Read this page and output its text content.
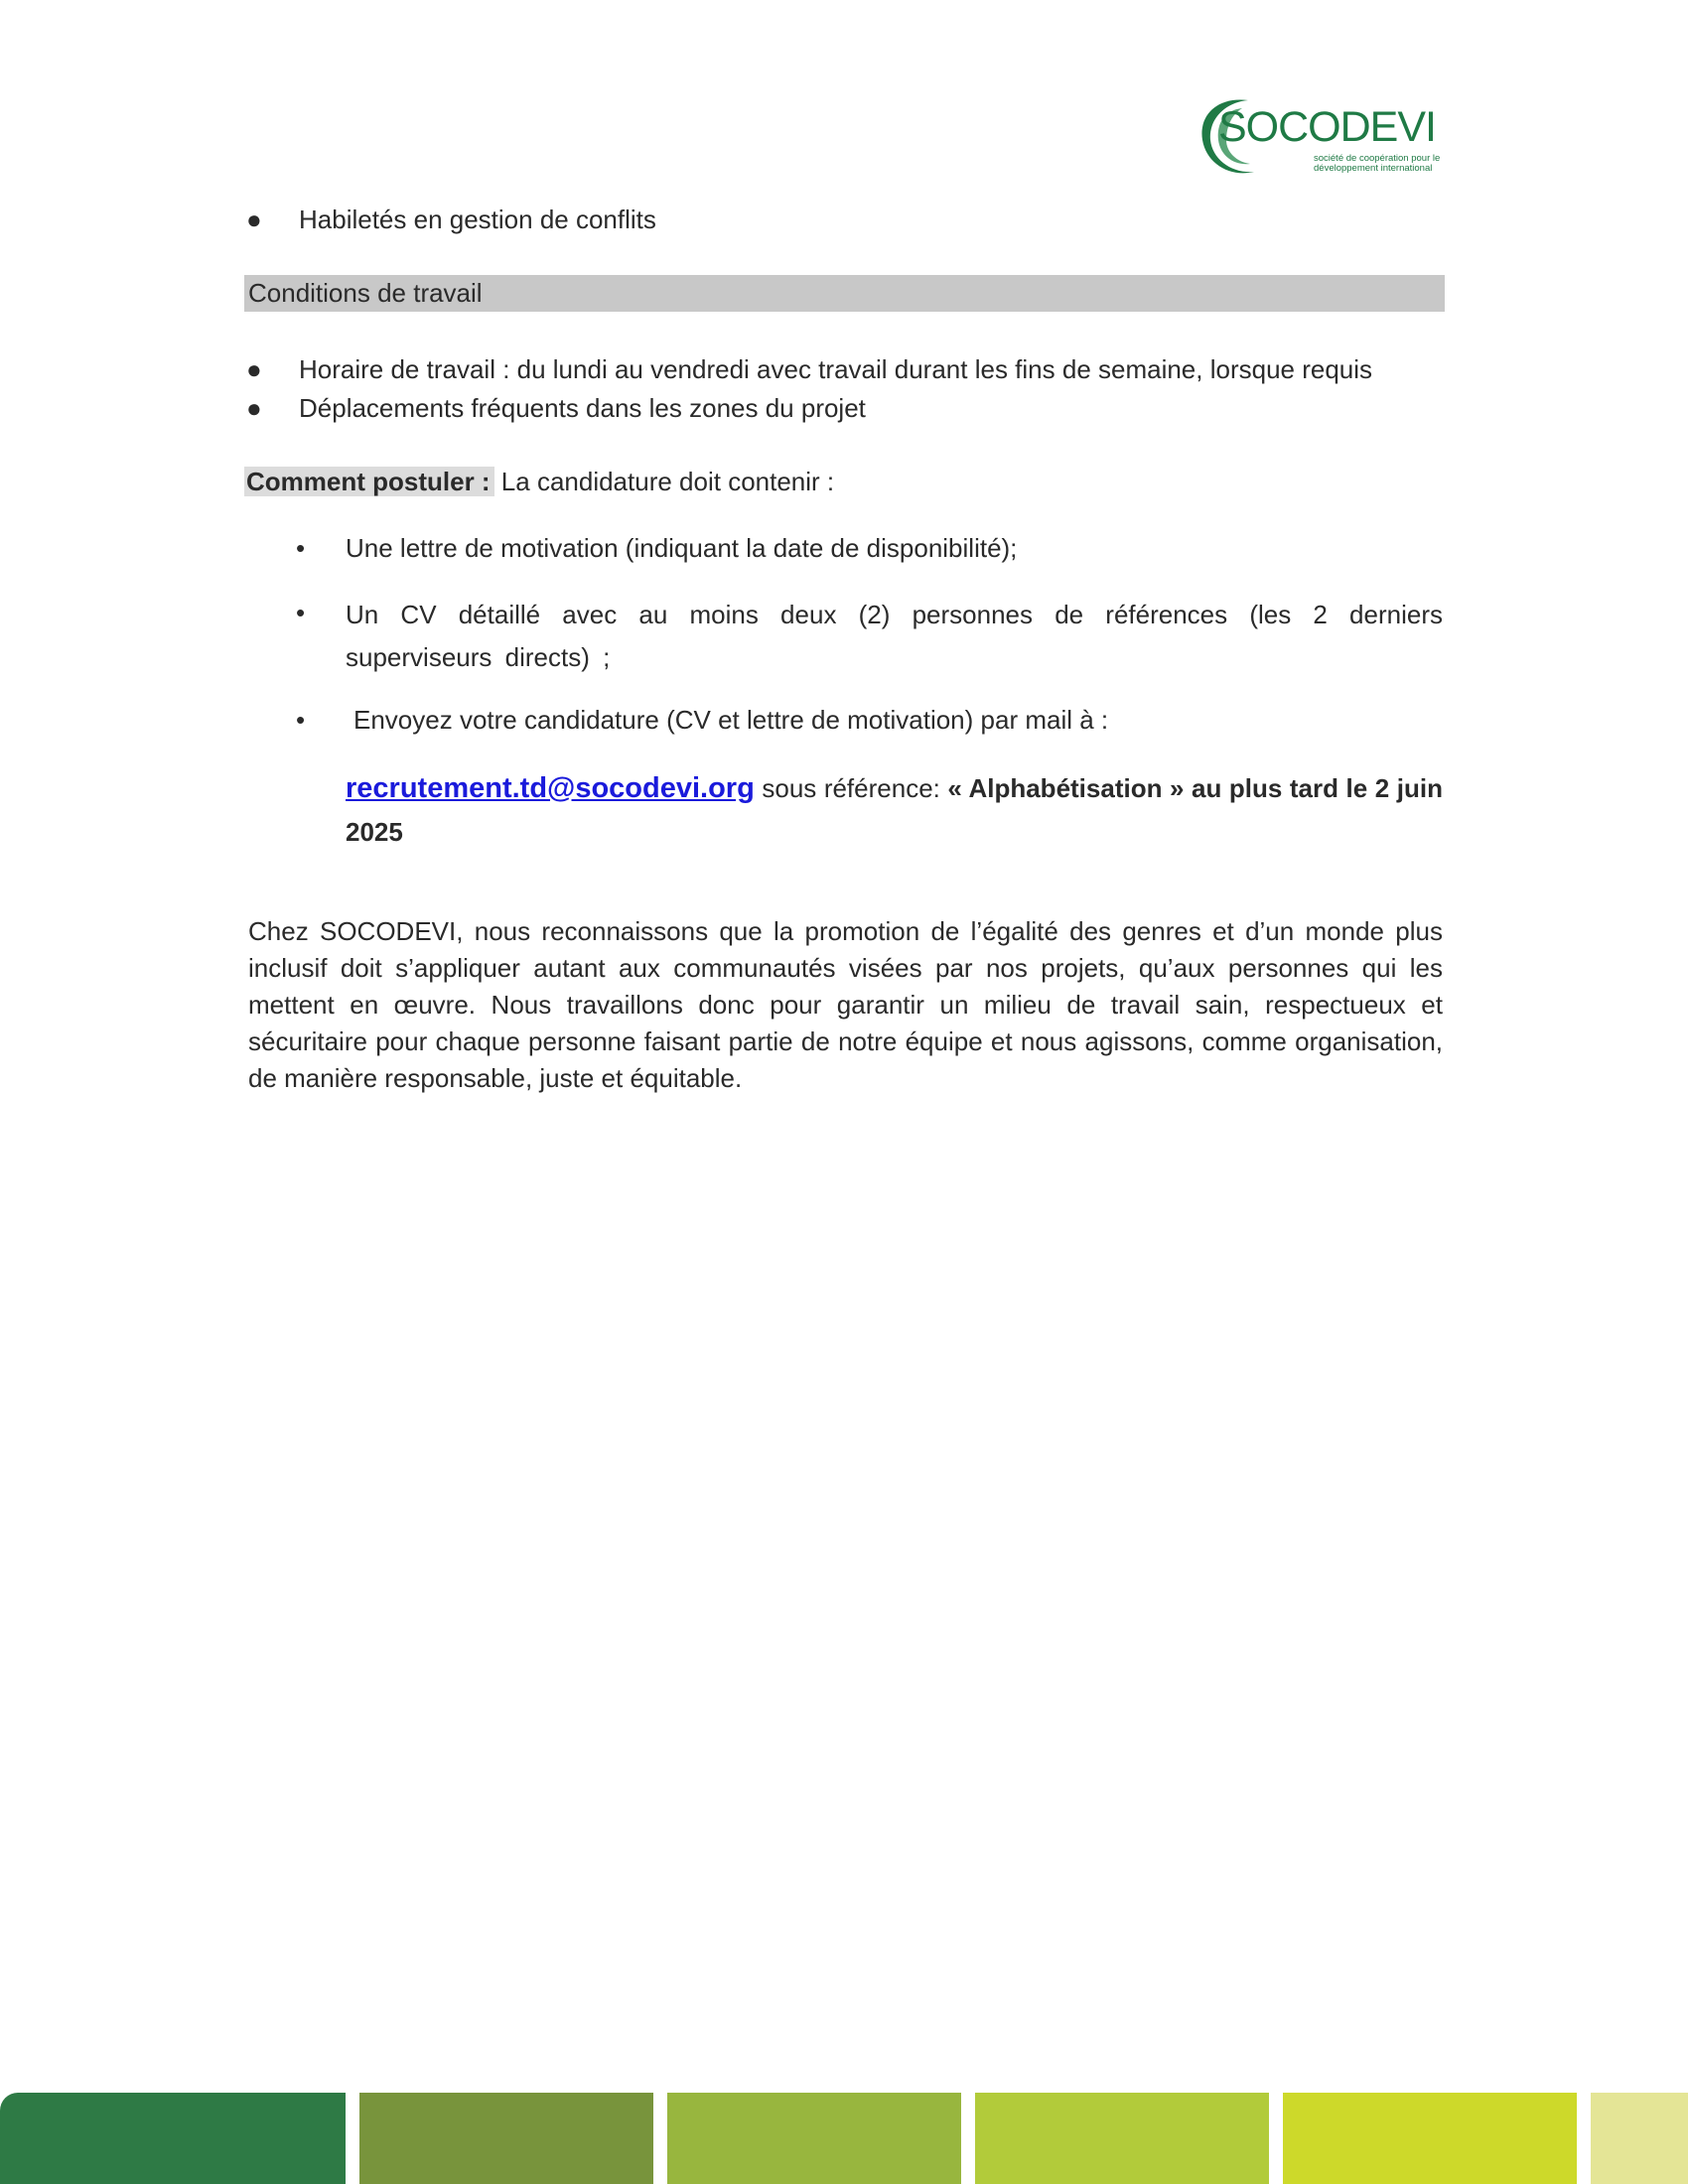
SOCODEVI
société de coopération pour le
développement international
● Habiletés en gestion de conflits
Conditions de travail
● Horaire de travail : du lundi au vendredi avec travail durant les fins de semaine, lorsque requis
● Déplacements fréquents dans les zones du projet
Comment postuler : La candidature doit contenir :
• Une lettre de motivation (indiquant la date de disponibilité);
• Un CV détaillé avec au moins deux (2) personnes de références (les 2 derniers superviseurs directs) ;
• Envoyez votre candidature (CV et lettre de motivation) par mail à :
recrutement.td@socodevi.org sous référence: « Alphabétisation » au plus tard le 2 juin 2025
Chez SOCODEVI, nous reconnaissons que la promotion de l’égalité des genres et d’un monde plus inclusif doit s’appliquer autant aux communautés visées par nos projets, qu’aux personnes qui les mettent en œuvre. Nous travaillons donc pour garantir un milieu de travail sain, respectueux et sécuritaire pour chaque personne faisant partie de notre équipe et nous agissons, comme organisation, de manière responsable, juste et équitable.
